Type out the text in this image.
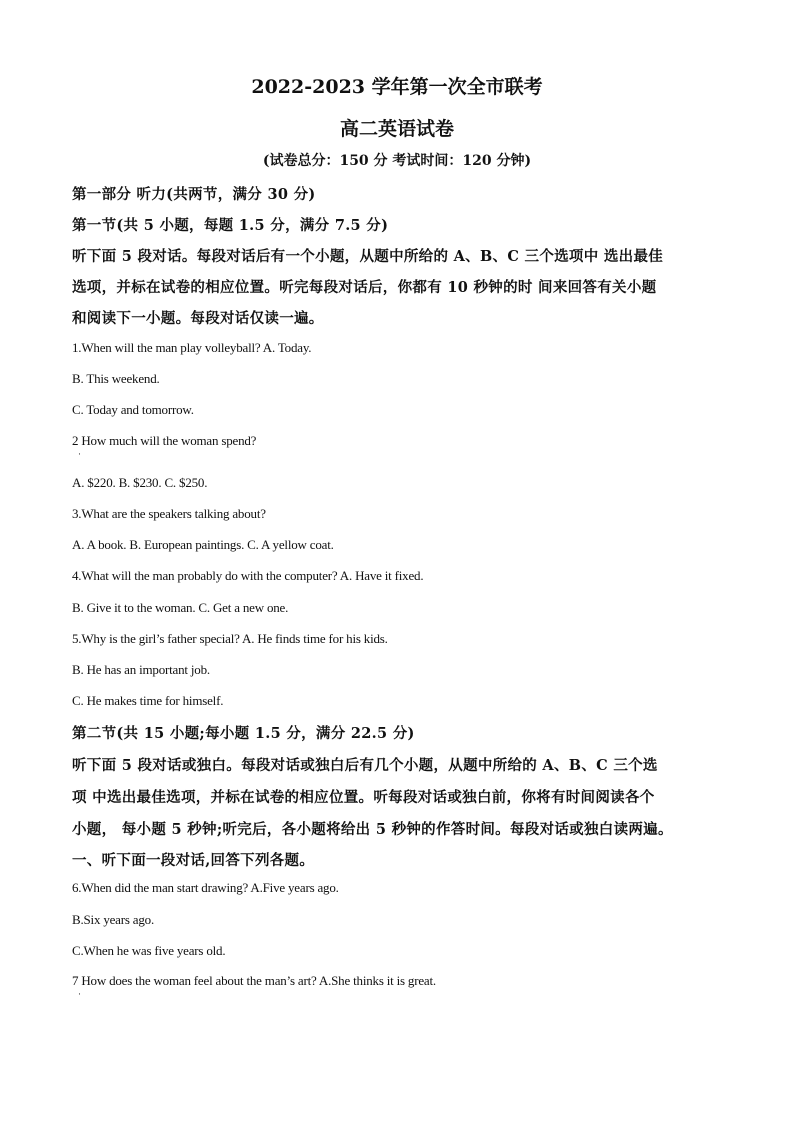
2022-2023 学年第一次全市联考
高二英语试卷
(试卷总分：150 分 考试时间：120 分钟)
第一部分 听力(共两节，满分 30 分)
第一节(共 5 小题，每题 1.5 分，满分 7.5 分)
听下面 5 段对话。每段对话后有一个小题，从题中所给的 A、B、C 三个选项中 选出最佳
选项，并标在试卷的相应位置。听完每段对话后，你都有 10 秒钟的时 间来回答有关小题
和阅读下一小题。每段对话仅读一遍。
1.When will the man play volleyball? A. Today.
B. This weekend.
C. Today and tomorrow.
2 How much will the woman spend?
·
A. $220. B. $230. C. $250.
3.What are the speakers talking about?
A. A book. B. European paintings. C. A yellow coat.
4.What will the man probably do with the computer? A. Have it fixed.
B. Give it to the woman. C. Get a new one.
5.Why is the girl’s father special? A. He finds time for his kids.
B. He has an important job.
C. He makes time for himself.
第二节(共 15 小题;每小题 1.5 分，满分 22.5 分)
听下面 5 段对话或独白。每段对话或独白后有几个小题，从题中所给的 A、B、C 三个选
项 中选出最佳选项，并标在试卷的相应位置。听每段对话或独白前，你将有时间阅读各个
小题， 每小题 5 秒钟;听完后，各小题将给出 5 秒钟的作答时间。每段对话或独白读两遍。
一、听下面一段对话,回答下列各题。
6.When did the man start drawing? A.Five years ago.
B.Six years ago.
C.When he was five years old.
7 How does the woman feel about the man’s art? A.She thinks it is great.
·
